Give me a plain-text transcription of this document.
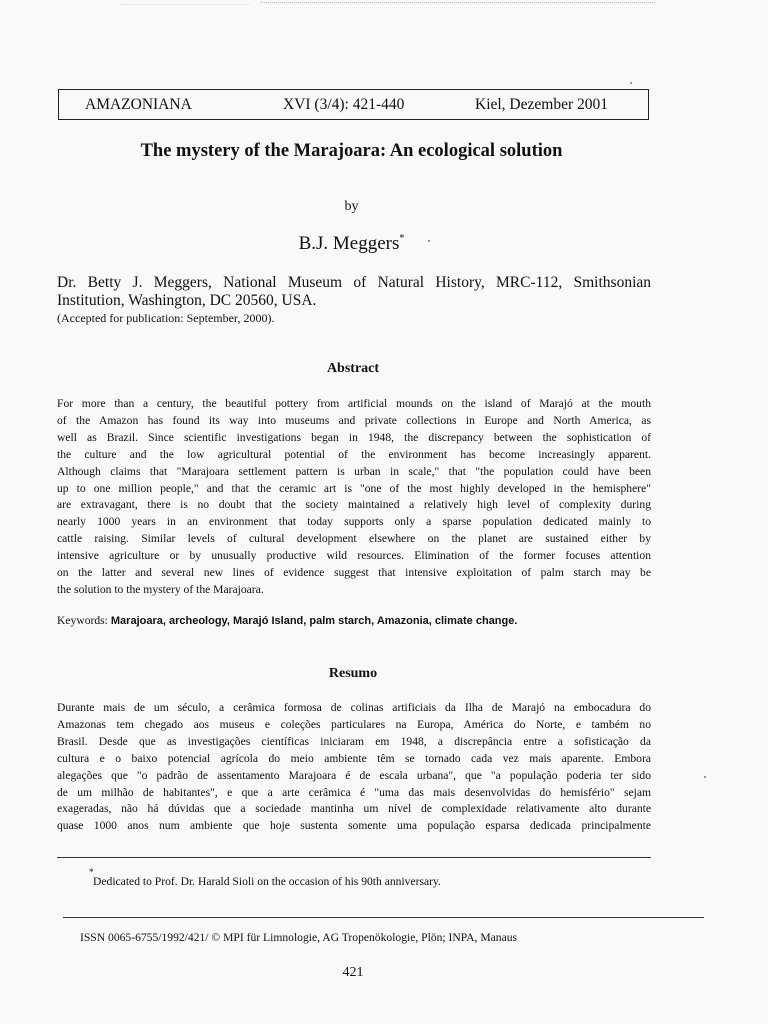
AMAZONIANA	XVI (3/4): 421-440	Kiel, Dezember 2001
The mystery of the Marajoara: An ecological solution
by
B.J. Meggers*
Dr. Betty J. Meggers, National Museum of Natural History, MRC-112, Smithsonian
Institution, Washington, DC 20560, USA.
(Accepted for publication: September, 2000).
Abstract
For more than a century, the beautiful pottery from artificial mounds on the island of Marajó at the mouth
of the Amazon has found its way into museums and private collections in Europe and North America, as
well as Brazil. Since scientific investigations began in 1948, the discrepancy between the sophistication of
the culture and the low agricultural potential of the environment has become increasingly apparent.
Although claims that "Marajoara settlement pattern is urban in scale," that "the population could have been
up to one million people," and that the ceramic art is "one of the most highly developed in the hemisphere"
are extravagant, there is no doubt that the society maintained a relatively high level of complexity during
nearly 1000 years in an environment that today supports only a sparse population dedicated mainly to
cattle raising. Similar levels of cultural development elsewhere on the planet are sustained either by
intensive agriculture or by unusually productive wild resources. Elimination of the former focuses attention
on the latter and several new lines of evidence suggest that intensive exploitation of palm starch may be
the solution to the mystery of the Marajoara.
Keywords: Marajoara, archeology, Marajó Island, palm starch, Amazonia, climate change.
Resumo
Durante mais de um século, a cerâmica formosa de colinas artificiais da Ilha de Marajó na embocadura do
Amazonas tem chegado aos museus e coleções particulares na Europa, América do Norte, e também no
Brasil. Desde que as investigações científicas iniciaram em 1948, a discrepância entre a sofisticação da
cultura e o baixo potencial agrícola do meio ambiente têm se tornado cada vez mais aparente. Embora
alegações que "o padrão de assentamento Marajoara é de escala urbana", que "a população poderia ter sido
de um milhão de habitantes", e que a arte cerâmica é "uma das mais desenvolvidas do hemisfério" sejam
exageradas, não há dúvidas que a sociedade mantinha um nível de complexidade relativamente alto durante
quase 1000 anos num ambiente que hoje sustenta somente uma população esparsa dedicada principalmente
*
Dedicated to Prof. Dr. Harald Sioli on the occasion of his 90th anniversary.
ISSN 0065-6755/1992/421/ © MPI für Limnologie, AG Tropenökologie, Plön; INPA, Manaus
421
